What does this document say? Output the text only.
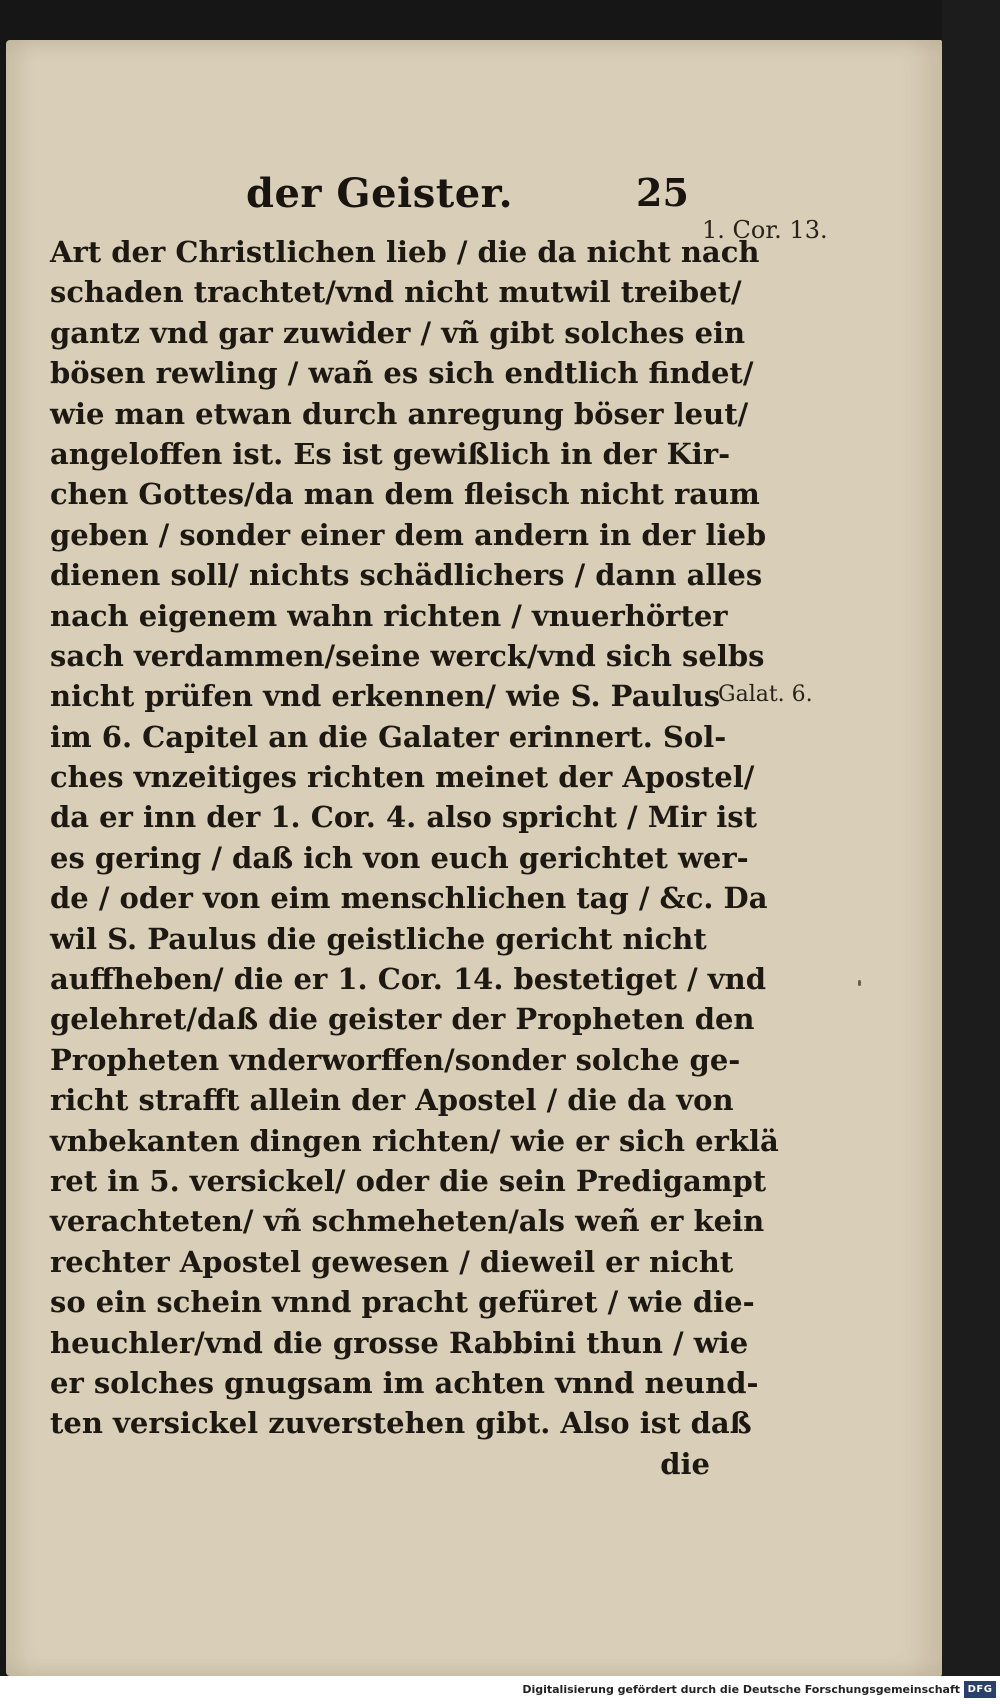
der Geister.	25
Art der Christlichen lieb / die da nicht nach
schaden trachtet/vnd nicht mutwil treibet/
gantz vnd gar zuwider / vñ gibt solches ein
bösen rewling / wañ es sich endtlich findet/
wie man etwan durch anregung böser leut/
angeloffen ist. Es ist gewißlich in der Kir-
chen Gottes/da man dem fleisch nicht raum
geben / sonder einer dem andern in der lieb
dienen soll/ nichts schädlichers / dann alles
nach eigenem wahn richten / vnuerhörter
sach verdammen/seine werck/vnd sich selbs
nicht prüfen vnd erkennen/ wie S. Paulus
im 6. Capitel an die Galater erinnert. Sol-
ches vnzeitiges richten meinet der Apostel/
da er inn der 1. Cor. 4. also spricht / Mir ist
es gering / daß ich von euch gerichtet wer-
de / oder von eim menschlichen tag / &c. Da
wil S. Paulus die geistliche gericht nicht
auffheben/ die er 1. Cor. 14. bestetiget / vnd
gelehret/daß die geister der Propheten den
Propheten vnderworffen/sonder solche ge-
richt strafft allein der Apostel / die da von
vnbekanten dingen richten/ wie er sich erklä
ret in 5. versickel/ oder die sein Predigampt
verachteten/ vñ schmeheten/als weñ er kein
rechter Apostel gewesen / dieweil er nicht
so ein schein vnnd pracht gefüret / wie die-
heuchler/vnd die grosse Rabbini thun / wie
er solches gnugsam im achten vnnd neund-
ten versickel zuverstehen gibt. Also ist daß
die
1. Cor. 13.
Galat. 6.
Digitalisierung gefördert durch die Deutsche Forschungsgemeinschaft DFG
